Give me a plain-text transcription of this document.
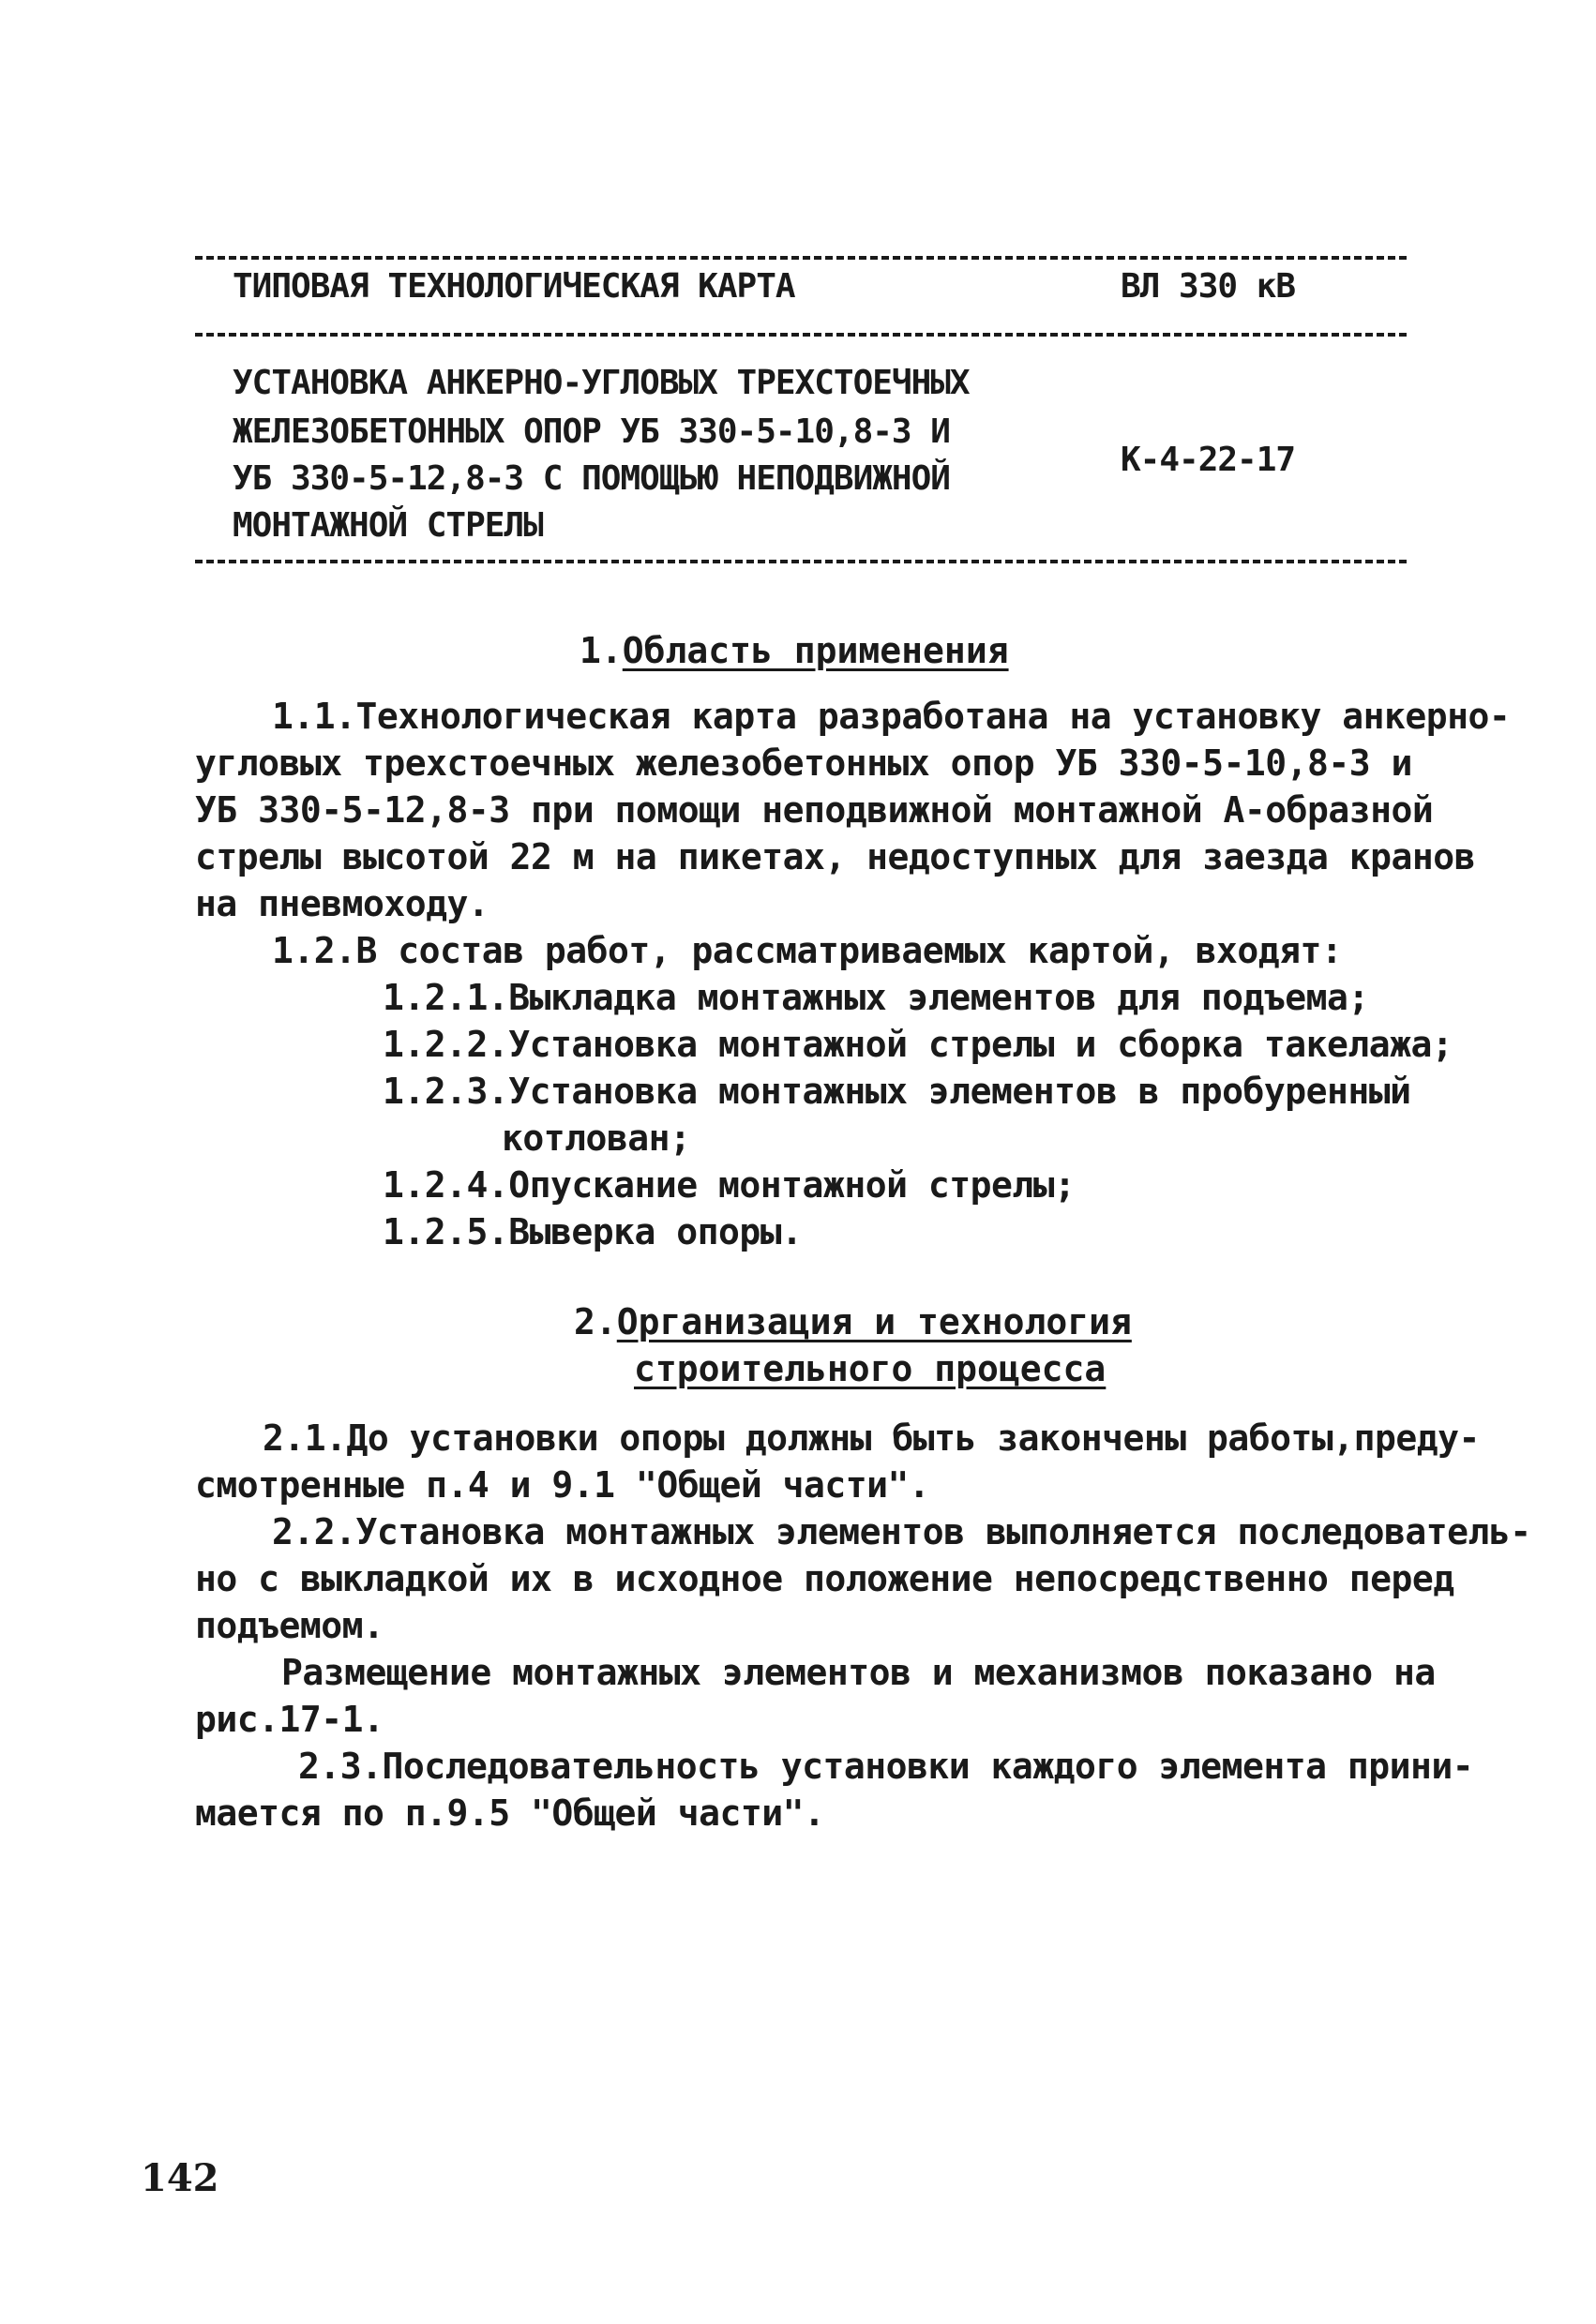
ТИПОВАЯ ТЕХНОЛОГИЧЕСКАЯ КАРТА	ВЛ 330 кВ
УСТАНОВКА АНКЕРНО-УГЛОВЫХ ТРЕХСТОЕЧНЫХ
ЖЕЛЕЗОБЕТОННЫХ ОПОР УБ 330-5-10,8-3 И
УБ 330-5-12,8-3 С ПОМОЩЬЮ НЕПОДВИЖНОЙ
МОНТАЖНОЙ СТРЕЛЫ
К-4-22-17
1.Область применения
1.1.Технологическая карта разработана на установку анкерно-
угловых трехстоечных железобетонных опор УБ 330-5-10,8-3 и
УБ 330-5-12,8-3 при помощи неподвижной монтажной А-образной
стрелы высотой 22 м на пикетах, недоступных для заезда кранов
на пневмоходу.
1.2.В состав работ, рассматриваемых картой, входят:
1.2.1.Выкладка монтажных элементов для подъема;
1.2.2.Установка монтажной стрелы и сборка такелажа;
1.2.3.Установка монтажных элементов в пробуренный
котлован;
1.2.4.Опускание монтажной стрелы;
1.2.5.Выверка опоры.
2.Организация и технология
строительного процесса
2.1.До установки опоры должны быть закончены работы,преду-
смотренные п.4 и 9.1 "Общей части".
2.2.Установка монтажных элементов выполняется последователь-
но с выкладкой их в исходное положение непосредственно перед
подъемом.
Размещение монтажных элементов и механизмов показано на
рис.17-1.
2.3.Последовательность установки каждого элемента прини-
мается по п.9.5 "Общей части".
142
